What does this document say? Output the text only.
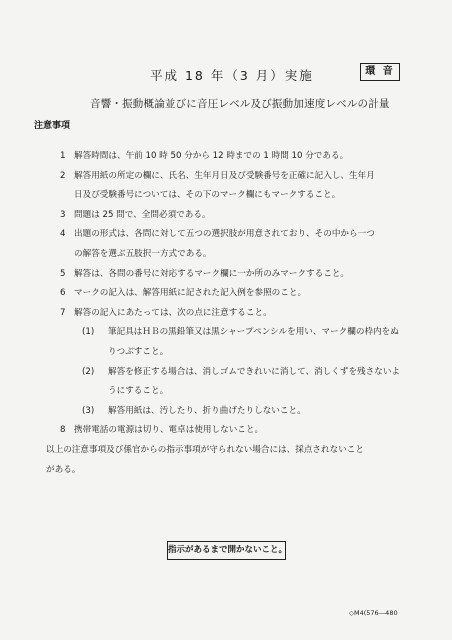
平成 18 年（3 月）実施	環 音
音響・振動概論並びに音圧レベル及び振動加速度レベルの計量
注意事項
1 解答時間は、午前 10 時 50 分から 12 時までの 1 時間 10 分である。
2 解答用紙の所定の欄に、氏名、生年月日及び受験番号を正確に記入し、生年月
日及び受験番号については、その下のマーク欄にもマークすること。
3 問題は 25 問で、全問必須である。
4 出題の形式は、各問に対して五つの選択肢が用意されており、その中から一つ
の解答を選ぶ五肢択一方式である。
5 解答は、各問の番号に対応するマーク欄に一か所のみマークすること。
6 マークの記入は、解答用紙に記された記入例を参照のこと。
7 解答の記入にあたっては、次の点に注意すること。
(1)	筆記具はＨＢの黒鉛筆又は黒シャープペンシルを用い、マーク欄の枠内をぬ
りつぶすこと。
(2)	解答を修正する場合は、消しゴムできれいに消して、消しくずを残さないよ
うにすること。
(3)	解答用紙は、汚したり、折り曲げたりしないこと。
8 携帯電話の電源は切り、電卓は使用しないこと。
以上の注意事項及び係官からの指示事項が守られない場合には、採点されないこと
がある。
指示があるまで開かないこと。
◇M4(576―480
